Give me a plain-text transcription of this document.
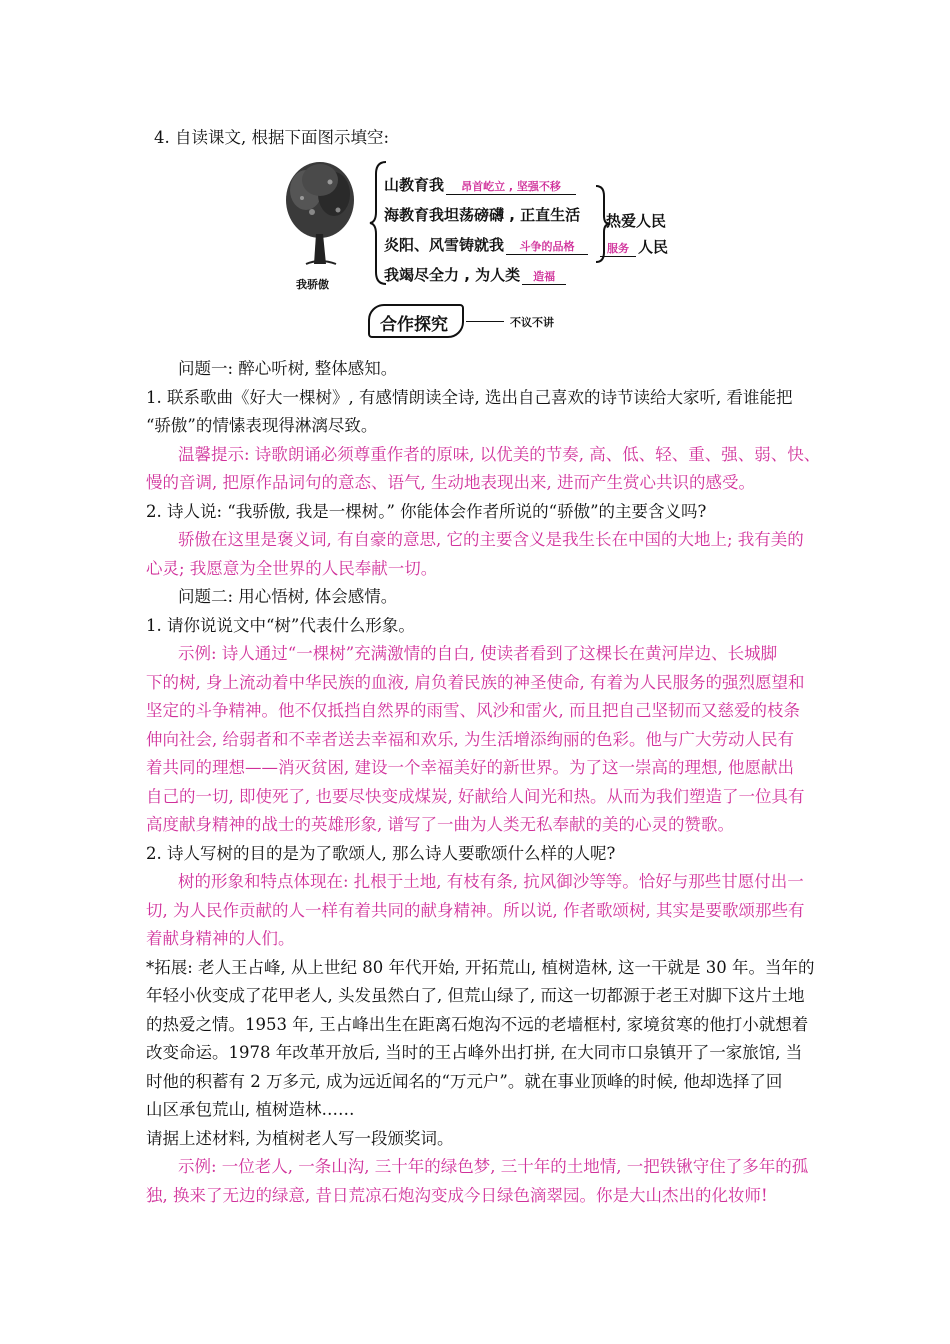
4. 自读课文, 根据下面图示填空:
我骄傲
山教育我 昂首屹立 , 坚强不移
海教育我坦荡磅礴 , 正直生活
炎阳、风雪铸就我 斗争的品格
我竭尽全力 , 为人类 造福
热爱人民
服务 人民
合作探究	不议不讲
问题一: 醉心听树, 整体感知。
1. 联系歌曲《好大一棵树》, 有感情朗读全诗, 选出自己喜欢的诗节读给大家听, 看谁能把
“骄傲”的情愫表现得淋漓尽致。
温馨提示: 诗歌朗诵必须尊重作者的原味, 以优美的节奏, 高、低、轻、重、强、弱、快、
慢的音调, 把原作品词句的意态、语气, 生动地表现出来, 进而产生赏心共识的感受。
2. 诗人说: “我骄傲, 我是一棵树。” 你能体会作者所说的“骄傲”的主要含义吗?
骄傲在这里是褒义词, 有自豪的意思, 它的主要含义是我生长在中国的大地上; 我有美的
心灵; 我愿意为全世界的人民奉献一切。
问题二: 用心悟树, 体会感情。
1. 请你说说文中“树”代表什么形象。
示例: 诗人通过“一棵树”充满激情的自白, 使读者看到了这棵长在黄河岸边、长城脚
下的树, 身上流动着中华民族的血液, 肩负着民族的神圣使命, 有着为人民服务的强烈愿望和
坚定的斗争精神。他不仅抵挡自然界的雨雪、风沙和雷火, 而且把自己坚韧而又慈爱的枝条
伸向社会, 给弱者和不幸者送去幸福和欢乐, 为生活增添绚丽的色彩。他与广大劳动人民有
着共同的理想——消灭贫困, 建设一个幸福美好的新世界。为了这一崇高的理想, 他愿献出
自己的一切, 即使死了, 也要尽快变成煤炭, 好献给人间光和热。从而为我们塑造了一位具有
高度献身精神的战士的英雄形象, 谱写了一曲为人类无私奉献的美的心灵的赞歌。
2. 诗人写树的目的是为了歌颂人, 那么诗人要歌颂什么样的人呢?
树的形象和特点体现在: 扎根于土地, 有枝有条, 抗风御沙等等。恰好与那些甘愿付出一
切, 为人民作贡献的人一样有着共同的献身精神。所以说, 作者歌颂树, 其实是要歌颂那些有
着献身精神的人们。
*拓展: 老人王占峰, 从上世纪 80 年代开始, 开拓荒山, 植树造林, 这一干就是 30 年。当年的
年轻小伙变成了花甲老人, 头发虽然白了, 但荒山绿了, 而这一切都源于老王对脚下这片土地
的热爱之情。1953 年, 王占峰出生在距离石炮沟不远的老墙框村, 家境贫寒的他打小就想着
改变命运。1978 年改革开放后, 当时的王占峰外出打拼, 在大同市口泉镇开了一家旅馆, 当
时他的积蓄有 2 万多元, 成为远近闻名的“万元户”。就在事业顶峰的时候, 他却选择了回
山区承包荒山, 植树造林……
请据上述材料, 为植树老人写一段颁奖词。
示例: 一位老人, 一条山沟, 三十年的绿色梦, 三十年的土地情, 一把铁锹守住了多年的孤
独, 换来了无边的绿意, 昔日荒凉石炮沟变成今日绿色滴翠园。你是大山杰出的化妆师!
